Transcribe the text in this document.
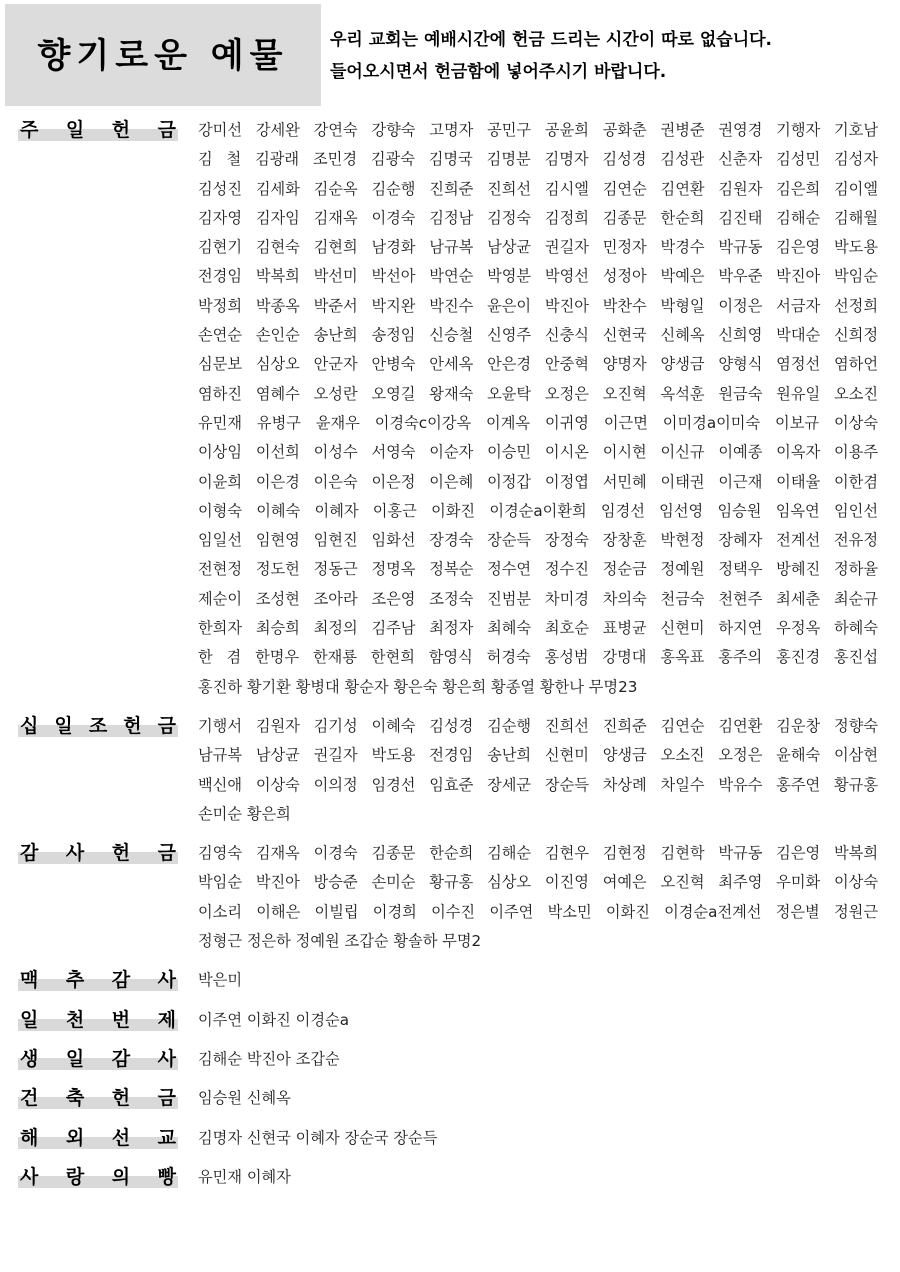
향기로운 예물 우리 교회는 예배시간에 헌금 드리는 시간이 따로 없습니다.
들어오시면서 헌금함에 넣어주시기 바랍니다.
주 일 헌 금 강미선 강세완 강연숙 강향숙 고명자 공민구 공윤희 공화춘 권병준 권영경 기행자 기호남
김 철 김광래 조민경 김광숙 김명국 김명분 김명자 김성경 김성관 신춘자 김성민 김성자
김성진 김세화 김순옥 김순행 진희준 진희선 김시엘 김연순 김연환 김원자 김은희 김이엘
김자영 김자임 김재옥 이경숙 김정남 김정숙 김정희 김종문 한순희 김진태 김해순 김해월
김현기 김현숙 김현희 남경화 남규복 남상균 권길자 민정자 박경수 박규동 김은영 박도용
전경임 박복희 박선미 박선아 박연순 박영분 박영선 성정아 박예은 박우준 박진아 박임순
박정희 박종옥 박준서 박지완 박진수 윤은이 박진아 박찬수 박형일 이정은 서금자 선정희
손연순 손인순 송난희 송정임 신승철 신영주 신충식 신현국 신혜옥 신희영 박대순 신희정
심문보 심상오 안군자 안병숙 안세옥 안은경 안중혁 양명자 양생금 양형식 염정선 염하언
염하진 염혜수 오성란 오영길 왕재숙 오윤탁 오정은 오진혁 옥석훈 원금숙 원유일 오소진
유민재 유병구 윤재우 이경숙c이강옥 이계옥 이귀영 이근면 이미경a이미숙 이보규 이상숙
이상임 이선희 이성수 서영숙 이순자 이승민 이시온 이시현 이신규 이예종 이옥자 이용주
이윤희 이은경 이은숙 이은정 이은혜 이정갑 이정엽 서민혜 이태권 이근재 이태율 이한겸
이형숙 이혜숙 이혜자 이홍근 이화진 이경순a이환희 임경선 임선영 임승원 임옥연 임인선
임일선 임현영 임현진 임화선 장경숙 장순득 장정숙 장창훈 박현정 장혜자 전계선 전유정
전현정 정도헌 정동근 정명옥 정복순 정수연 정수진 정순금 정예원 정택우 방혜진 정하율
제순이 조성현 조아라 조은영 조정숙 진범분 차미경 차의숙 천금숙 천현주 최세춘 최순규
한희자 최승희 최정의 김주남 최정자 최혜숙 최호순 표병균 신현미 하지연 우정옥 하혜숙
한 겸 한명우 한재룡 한현희 함영식 허경숙 홍성범 강명대 홍옥표 홍주의 홍진경 홍진섭
홍진하 황기환 황병대 황순자 황은숙 황은희 황종열 황한나 무명23
십 일 조 헌 금 기행서 김원자 김기성 이혜숙 김성경 김순행 진희선 진희준 김연순 김연환 김운창 정향숙
남규복 남상균 권길자 박도용 전경임 송난희 신현미 양생금 오소진 오정은 윤해숙 이삼현
백신애 이상숙 이의정 임경선 임효준 장세군 장순득 차상례 차일수 박유수 홍주연 황규홍
손미순 황은희
감 사 헌 금 김영숙 김재옥 이경숙 김종문 한순희 김해순 김현우 김현정 김현학 박규동 김은영 박복희
박임순 박진아 방승준 손미순 황규홍 심상오 이진영 여예은 오진혁 최주영 우미화 이상숙
이소리 이해은 이빌립 이경희 이수진 이주연 박소민 이화진 이경순a전계선 정은별 정원근
정형근 정은하 정예원 조갑순 황솔하 무명2
맥 추 감 사 박은미
일 천 번 제 이주연 이화진 이경순a
생 일 감 사 김해순 박진아 조갑순
건 축 헌 금 임승원 신혜옥
해 외 선 교 김명자 신현국 이혜자 장순국 장순득
사 랑 의 빵 유민재 이혜자
